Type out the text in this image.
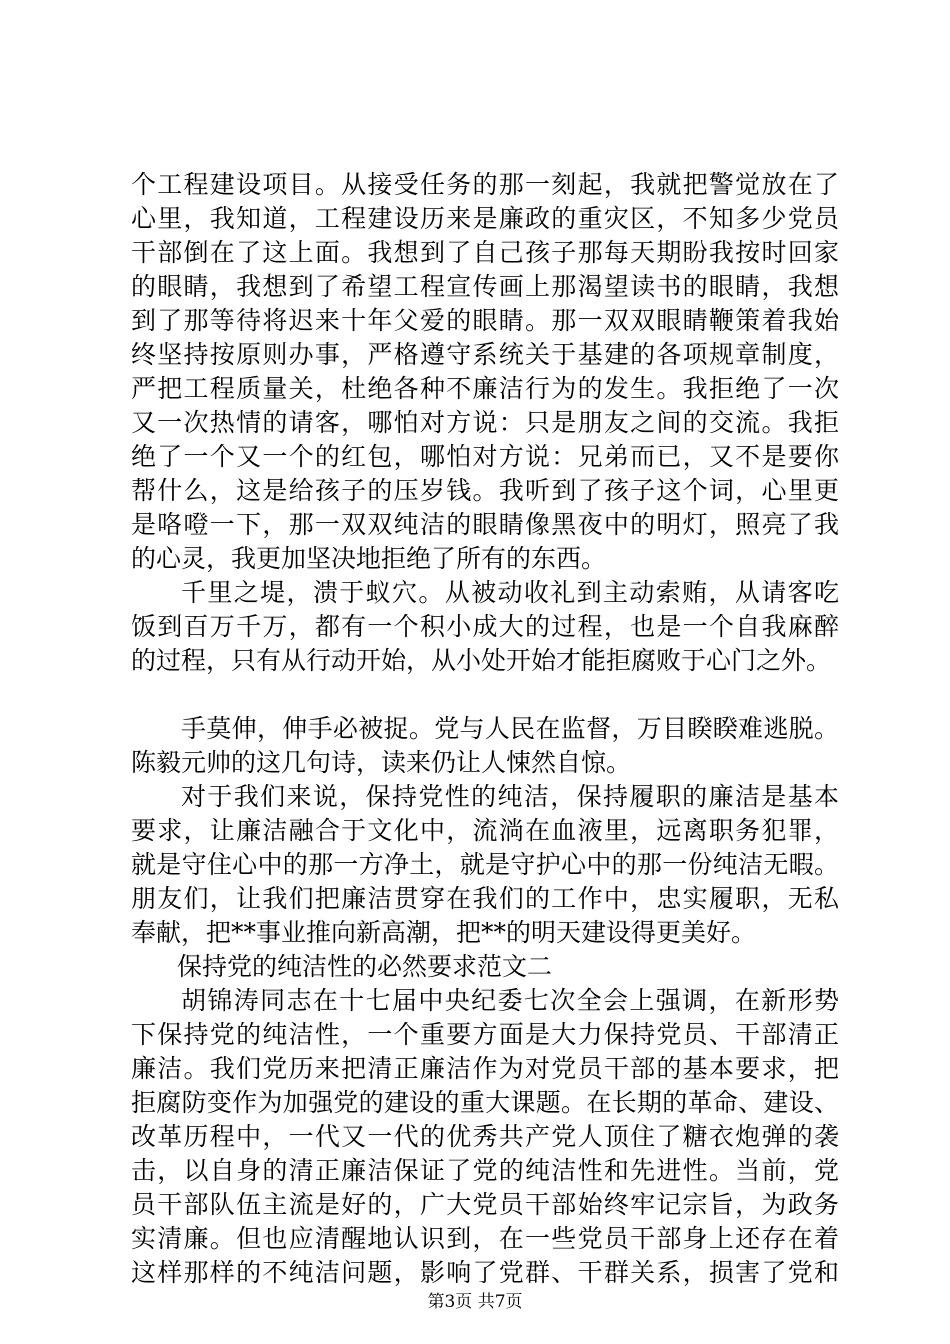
个工程建设项目。从接受任务的那一刻起，我就把警觉放在了
心里，我知道，工程建设历来是廉政的重灾区，不知多少党员
干部倒在了这上面。我想到了自己孩子那每天期盼我按时回家
的眼睛，我想到了希望工程宣传画上那渴望读书的眼睛，我想
到了那等待将迟来十年父爱的眼睛。那一双双眼睛鞭策着我始
终坚持按原则办事，严格遵守系统关于基建的各项规章制度，
严把工程质量关，杜绝各种不廉洁行为的发生。我拒绝了一次
又一次热情的请客，哪怕对方说：只是朋友之间的交流。我拒
绝了一个又一个的红包，哪怕对方说：兄弟而已，又不是要你
帮什么，这是给孩子的压岁钱。我听到了孩子这个词，心里更
是咯噔一下，那一双双纯洁的眼睛像黑夜中的明灯，照亮了我
的心灵，我更加坚决地拒绝了所有的东西。
千里之堤，溃于蚁穴。从被动收礼到主动索贿，从请客吃
饭到百万千万，都有一个积小成大的过程，也是一个自我麻醉
的过程，只有从行动开始，从小处开始才能拒腐败于心门之外。
手莫伸，伸手必被捉。党与人民在监督，万目睽睽难逃脱。
陈毅元帅的这几句诗，读来仍让人悚然自惊。
对于我们来说，保持党性的纯洁，保持履职的廉洁是基本
要求，让廉洁融合于文化中，流淌在血液里，远离职务犯罪，
就是守住心中的那一方净土，就是守护心中的那一份纯洁无暇。
朋友们，让我们把廉洁贯穿在我们的工作中，忠实履职，无私
奉献，把**事业推向新高潮，把**的明天建设得更美好。
保持党的纯洁性的必然要求范文二
胡锦涛同志在十七届中央纪委七次全会上强调，在新形势
下保持党的纯洁性，一个重要方面是大力保持党员、干部清正
廉洁。我们党历来把清正廉洁作为对党员干部的基本要求，把
拒腐防变作为加强党的建设的重大课题。在长期的革命、建设、
改革历程中，一代又一代的优秀共产党人顶住了糖衣炮弹的袭
击，以自身的清正廉洁保证了党的纯洁性和先进性。当前，党
员干部队伍主流是好的，广大党员干部始终牢记宗旨，为政务
实清廉。但也应清醒地认识到，在一些党员干部身上还存在着
这样那样的不纯洁问题，影响了党群、干群关系，损害了党和
第3页 共7页
